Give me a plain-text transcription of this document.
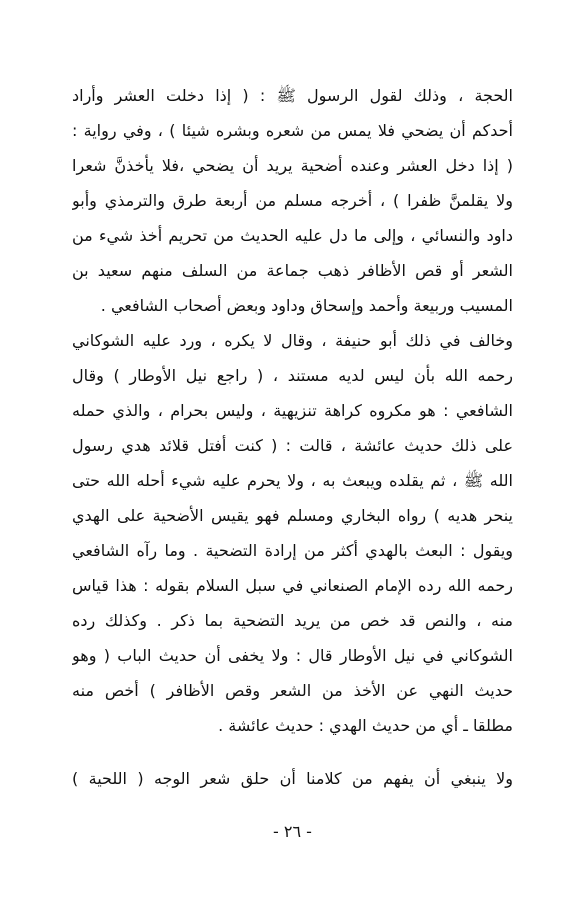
الحجة ، وذلك لقول الرسول ﷺ : ( إذا دخلت العشر وأراد
أحدكم أن يضحي فلا يمس من شعره وبشره شيئا ) ، وفي رواية :
( إذا دخل العشر وعنده أضحية يريد أن يضحي ،فلا يأخذنَّ شعرا
ولا يقلمنَّ ظفرا ) ، أخرجه مسلم من أربعة طرق والترمذي وأبو
داود والنسائي ، وإلى ما دل عليه الحديث من تحريم أخذ شيء من
الشعر أو قص الأظافر ذهب جماعة من السلف منهم سعيد بن
المسيب وربيعة وأحمد وإسحاق وداود وبعض أصحاب الشافعي .
وخالف في ذلك أبو حنيفة ، وقال لا يكره ، ورد عليه الشوكاني
رحمه الله بأن ليس لديه مستند ، ( راجع نيل الأوطار ) وقال
الشافعي : هو مكروه كراهة تنزيهية ، وليس بحرام ، والذي حمله
على ذلك حديث عائشة ، قالت : ( كنت أفتل قلائد هدي رسول
الله ﷺ ، ثم يقلده ويبعث به ، ولا يحرم عليه شيء أحله الله حتى
ينحر هديه ) رواه البخاري ومسلم فهو يقيس الأضحية على الهدي
ويقول : البعث بالهدي أكثر من إرادة التضحية . وما رآه الشافعي
رحمه الله رده الإمام الصنعاني في سبل السلام بقوله : هذا قياس
منه ، والنص قد خص من يريد التضحية بما ذكر . وكذلك رده
الشوكاني في نيل الأوطار قال : ولا يخفى أن حديث الباب ( وهو
حديث النهي عن الأخذ من الشعر وقص الأظافر ) أخص منه
مطلقا ـ أي من حديث الهدي : حديث عائشة .
ولا ينبغي أن يفهم من كلامنا أن حلق شعر الوجه ( اللحية )
- ٢٦ -
